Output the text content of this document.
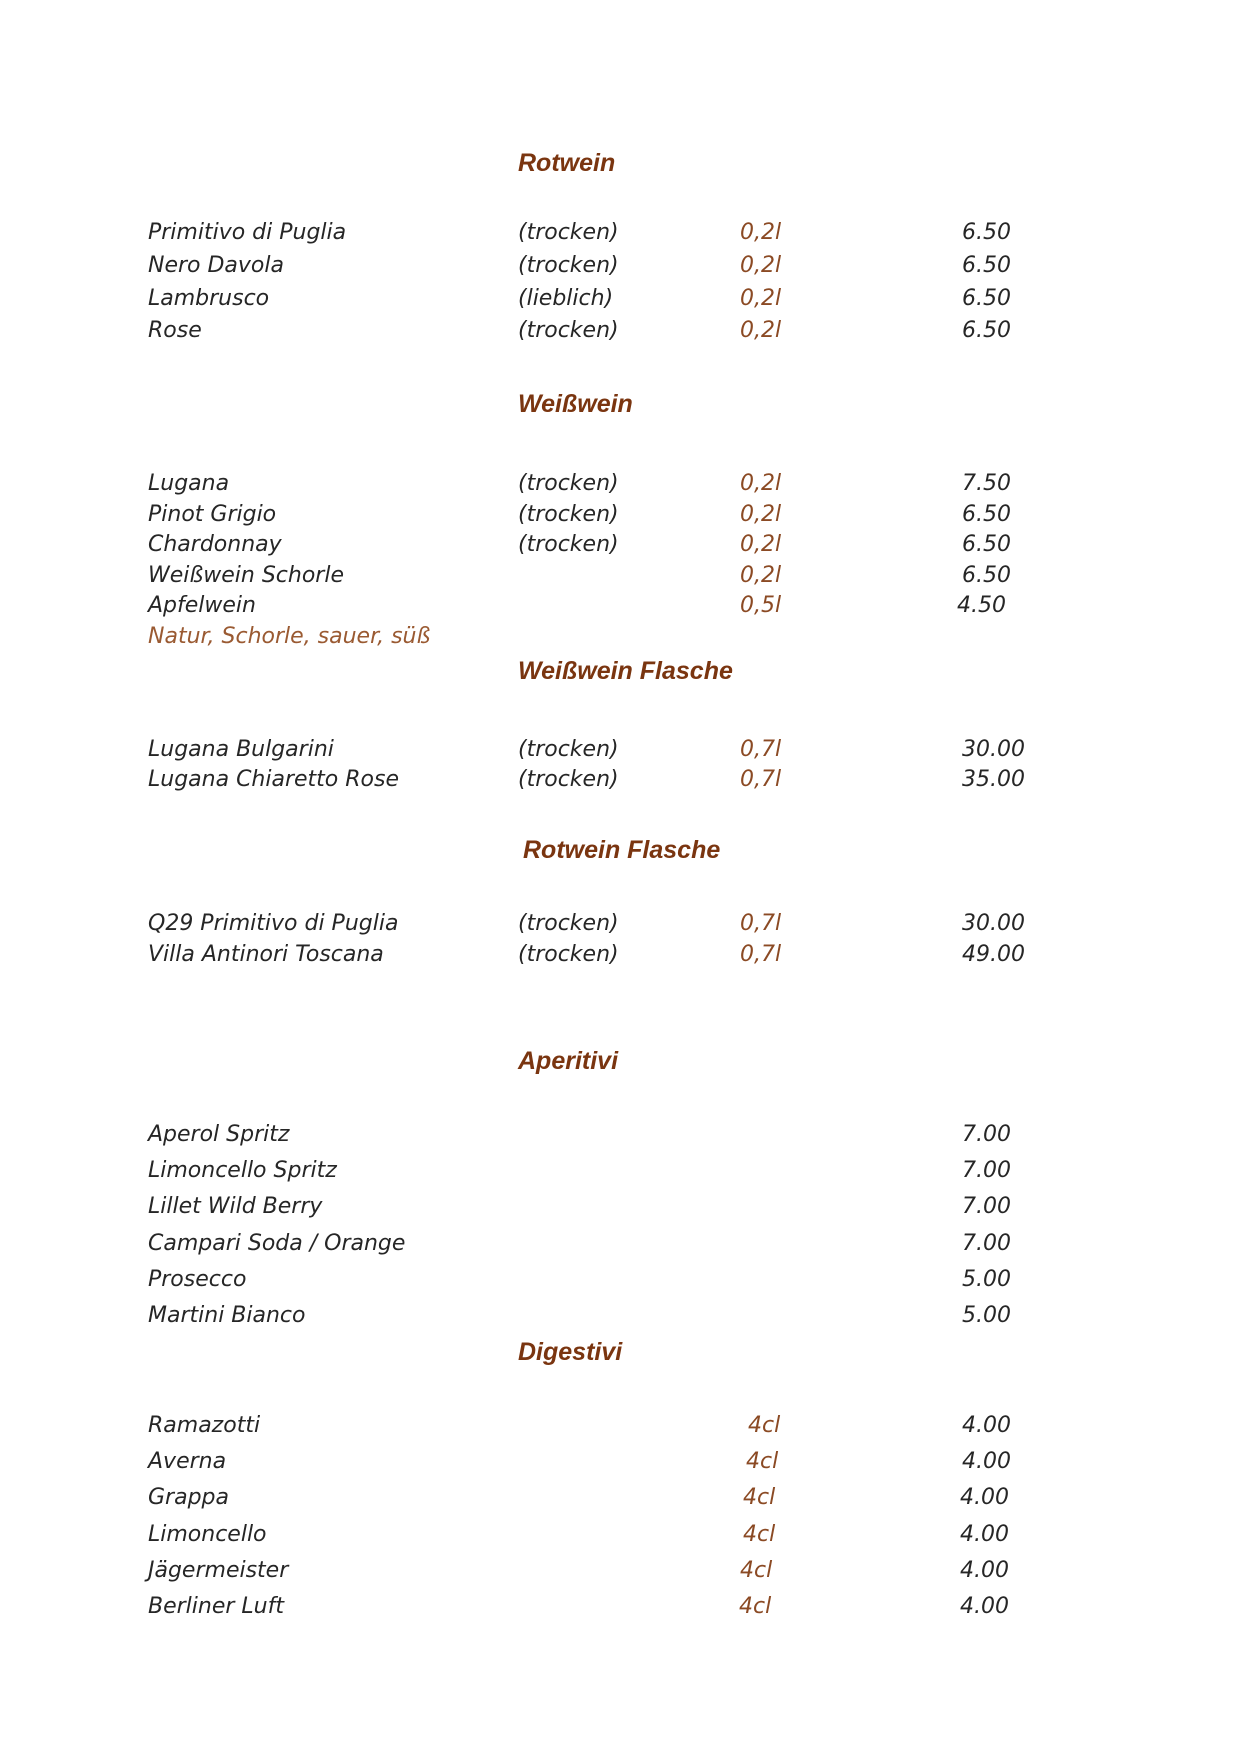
Rotwein
Primitivo di Puglia	(trocken)	0,2l	6.50
Nero Davola	(trocken)	0,2l	6.50
Lambrusco	(lieblich)	0,2l	6.50
Rose	(trocken)	0,2l	6.50
Weißwein
Lugana	(trocken)	0,2l	7.50
Pinot Grigio	(trocken)	0,2l	6.50
Chardonnay	(trocken)	0,2l	6.50
Weißwein Schorle	0,2l	6.50
Apfelwein	0,5l	4.50
Natur, Schorle, sauer, süß
Weißwein Flasche
Lugana Bulgarini	(trocken)	0,7l	30.00
Lugana Chiaretto Rose	(trocken)	0,7l	35.00
Rotwein Flasche
Q29 Primitivo di Puglia	(trocken)	0,7l	30.00
Villa Antinori Toscana	(trocken)	0,7l	49.00
Aperitivi
Aperol Spritz	7.00
Limoncello Spritz	7.00
Lillet Wild Berry	7.00
Campari Soda / Orange	7.00
Prosecco	5.00
Martini Bianco	5.00
Digestivi
Ramazotti	4cl	4.00
Averna	4cl	4.00
Grappa	4cl	4.00
Limoncello	4cl	4.00
Jägermeister	4cl	4.00
Berliner Luft	4cl	4.00
